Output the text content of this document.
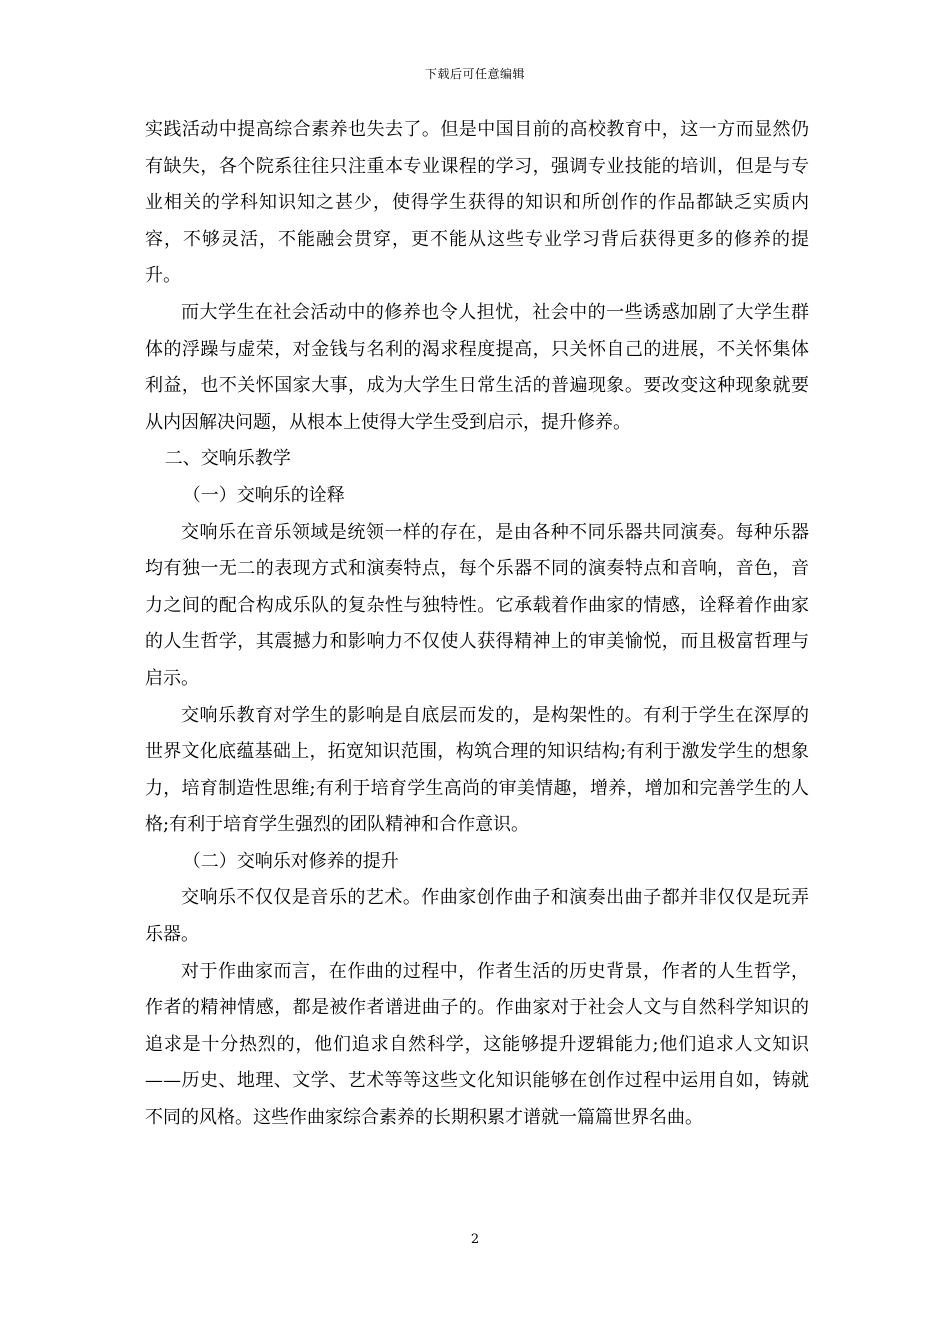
下载后可任意编辑

实践活动中提高综合素养也失去了。但是中国目前的高校教育中，这一方而显然仍有缺失，各个院系往往只注重本专业课程的学习，强调专业技能的培训，但是与专业相关的学科知识知之甚少，使得学生获得的知识和所创作的作品都缺乏实质内容，不够灵活，不能融会贯穿，更不能从这些专业学习背后获得更多的修养的提升。

而大学生在社会活动中的修养也令人担忧，社会中的一些诱惑加剧了大学生群体的浮躁与虚荣，对金钱与名利的渴求程度提高，只关怀自己的进展，不关怀集体利益，也不关怀国家大事，成为大学生日常生活的普遍现象。要改变这种现象就要从内因解决问题，从根本上使得大学生受到启示，提升修养。

二、交响乐教学

（一）交响乐的诠释

交响乐在音乐领域是统领一样的存在，是由各种不同乐器共同演奏。每种乐器均有独一无二的表现方式和演奏特点，每个乐器不同的演奏特点和音响，音色，音力之间的配合构成乐队的复杂性与独特性。它承载着作曲家的情感，诠释着作曲家的人生哲学，其震撼力和影响力不仅使人获得精神上的审美愉悦，而且极富哲理与启示。

交响乐教育对学生的影响是自底层而发的，是构架性的。有利于学生在深厚的世界文化底蕴基础上，拓宽知识范围，构筑合理的知识结构;有利于激发学生的想象力，培育制造性思维;有利于培育学生高尚的审美情趣，增养，增加和完善学生的人格;有利于培育学生强烈的团队精神和合作意识。

（二）交响乐对修养的提升

交响乐不仅仅是音乐的艺术。作曲家创作曲子和演奏出曲子都并非仅仅是玩弄乐器。

对于作曲家而言，在作曲的过程中，作者生活的历史背景，作者的人生哲学，作者的精神情感，都是被作者谱进曲子的。作曲家对于社会人文与自然科学知识的追求是十分热烈的，他们追求自然科学，这能够提升逻辑能力;他们追求人文知识——历史、地理、文学、艺术等等这些文化知识能够在创作过程中运用自如，铸就不同的风格。这些作曲家综合素养的长期积累才谱就一篇篇世界名曲。

2
